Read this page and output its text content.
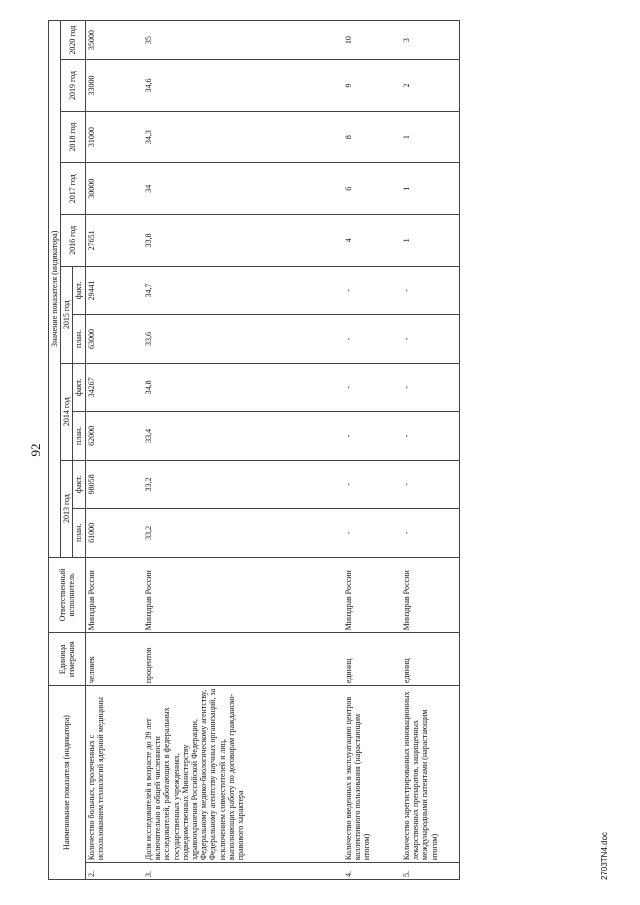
92
Наименование показателя (индикатора)		Единица измерения	Ответственный исполнитель	Значение показателя (индикатора)										
				2013 год		2014 год		2015 год		2016 год	2017 год	2018 год	2019 год	2020 год
				план.	факт.	план.	факт.	план.	факт.					
2.	Количество больных, пролеченных с использованием технологий ядерной медицины	человек	Минздрав России	61000	98058	62000	34267	63000	29441	27651	30000	31000	33000	35000
3.	Доля исследователей в возрасте до 39 лет включительно в общей численности исследователей, работающих в федеральных государственных учреждениях, подведомственных Министерству здравоохранения Российской Федерации, Федеральному медико-биологическому агентству, Федеральному агентству научных организаций, за исключением совместителей и лиц, выполняющих работу по договорам гражданско-правового характера	процентов	Минздрав России	33,2	33,2	33,4	34,8	33,6	34,7	33,8	34	34,3	34,6	35
4.	Количество введенных в эксплуатацию центров коллективного пользования (нарастающим итогом)	единиц	Минздрав России	-	-	-	-	-	-	4	6	8	9	10
5.	Количество зарегистрированных инновационных лекарственных препаратов, защищенных международными патентами (нарастающим итогом)	единиц	Минздрав России	-	-	-	-	-	-	1	1	1	2	3
2703TN4.doc
